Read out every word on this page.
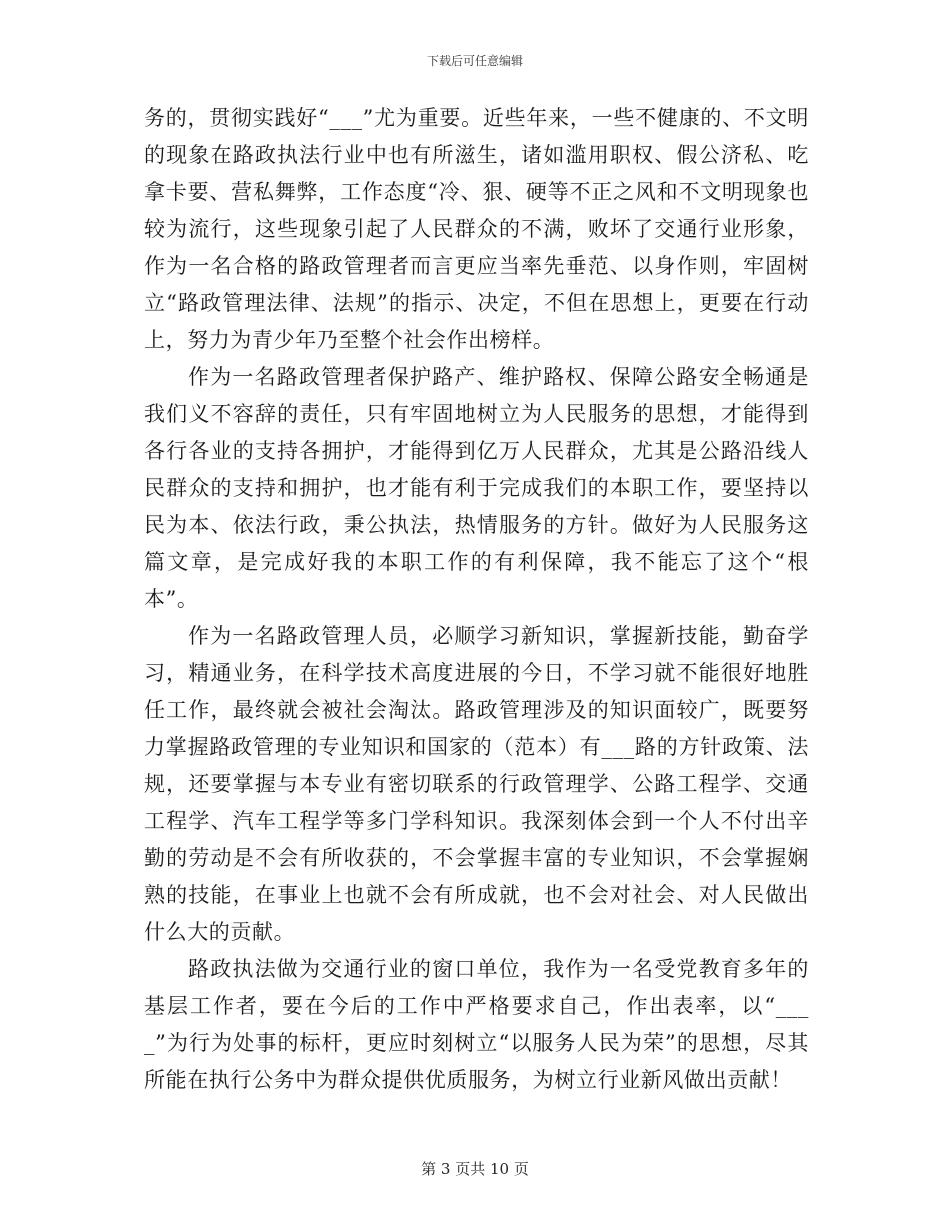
下载后可任意编辑

务的，贯彻实践好“___”尤为重要。近些年来，一些不健康的、不文明的现象在路政执法行业中也有所滋生，诸如滥用职权、假公济私、吃拿卡要、营私舞弊，工作态度“冷、狠、硬等不正之风和不文明现象也较为流行，这些现象引起了人民群众的不满，败坏了交通行业形象，作为一名合格的路政管理者而言更应当率先垂范、以身作则，牢固树立“路政管理法律、法规”的指示、决定，不但在思想上，更要在行动上，努力为青少年乃至整个社会作出榜样。

作为一名路政管理者保护路产、维护路权、保障公路安全畅通是我们义不容辞的责任，只有牢固地树立为人民服务的思想，才能得到各行各业的支持各拥护，才能得到亿万人民群众，尤其是公路沿线人民群众的支持和拥护，也才能有利于完成我们的本职工作，要坚持以民为本、依法行政，秉公执法，热情服务的方针。做好为人民服务这篇文章，是完成好我的本职工作的有利保障，我不能忘了这个“根本”。

作为一名路政管理人员，必顺学习新知识，掌握新技能，勤奋学习，精通业务，在科学技术高度进展的今日，不学习就不能很好地胜任工作，最终就会被社会淘汰。路政管理涉及的知识面较广，既要努力掌握路政管理的专业知识和国家的（范本）有___路的方针政策、法规，还要掌握与本专业有密切联系的行政管理学、公路工程学、交通工程学、汽车工程学等多门学科知识。我深刻体会到一个人不付出辛勤的劳动是不会有所收获的，不会掌握丰富的专业知识，不会掌握娴熟的技能，在事业上也就不会有所成就，也不会对社会、对人民做出什么大的贡献。

路政执法做为交通行业的窗口单位，我作为一名受党教育多年的基层工作者，要在今后的工作中严格要求自己，作出表率，以“____”为行为处事的标杆，更应时刻树立“以服务人民为荣”的思想，尽其所能在执行公务中为群众提供优质服务，为树立行业新风做出贡献！

第 3 页共 10 页
